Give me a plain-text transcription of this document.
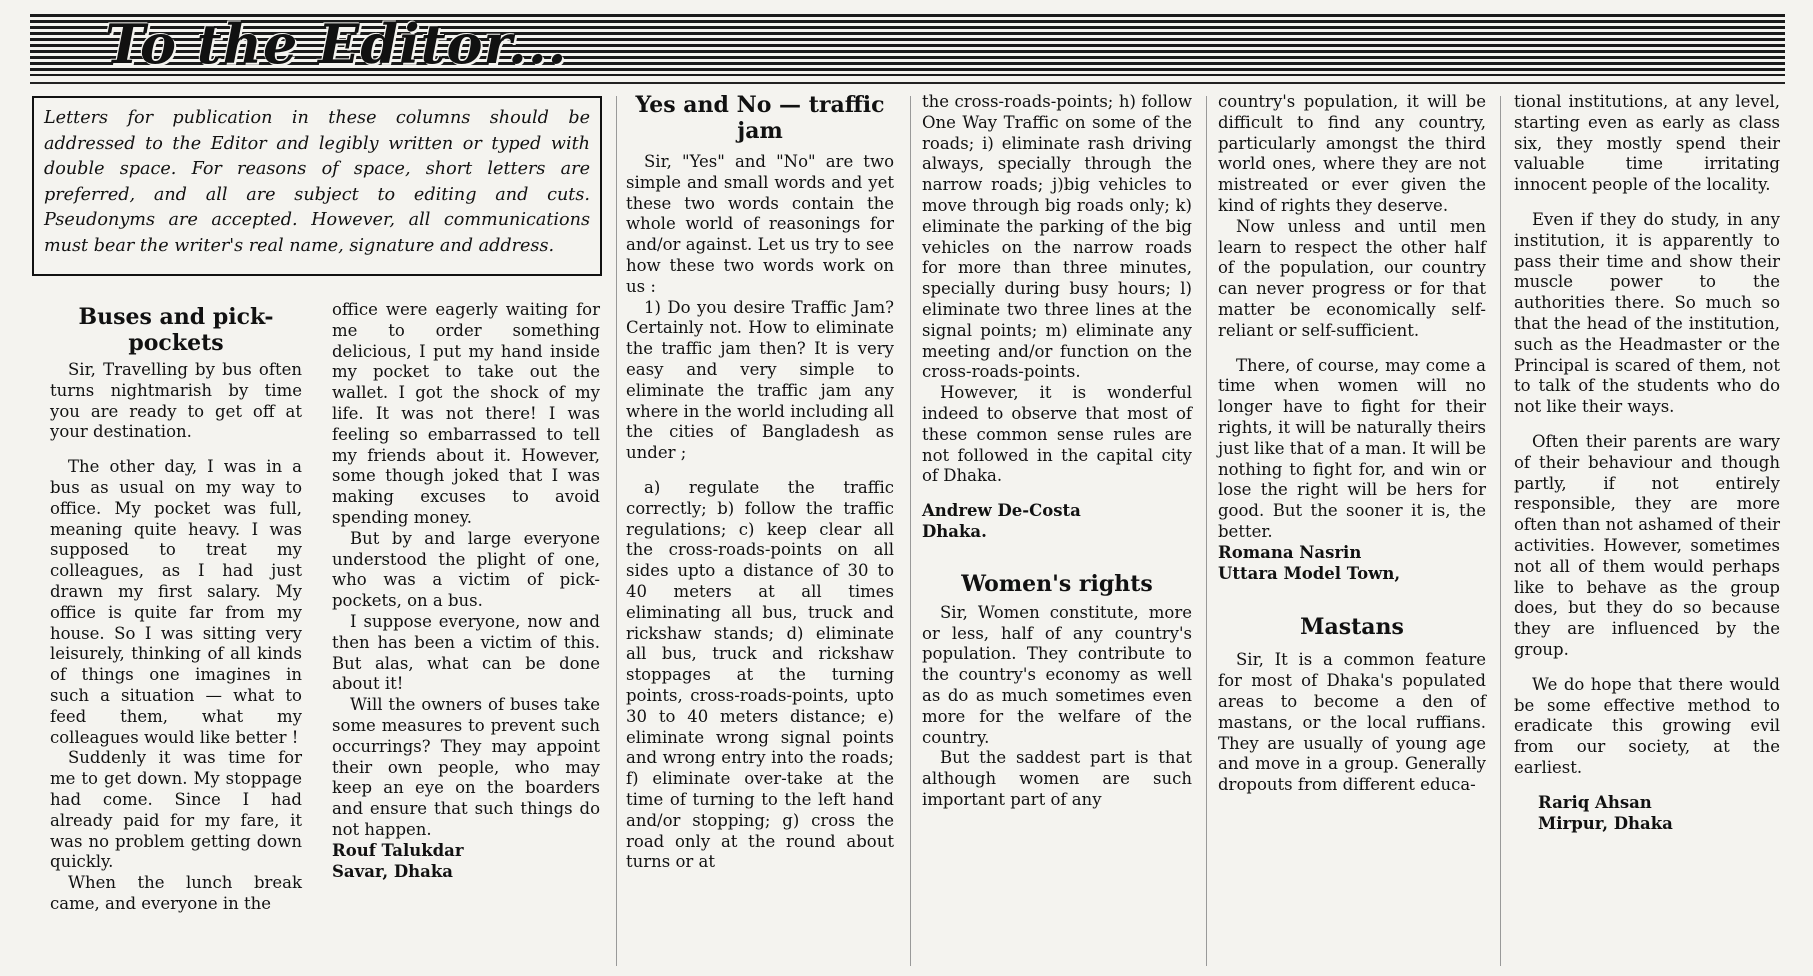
To the Editor...
Letters for publication in these columns should be addressed to the Editor and legibly written or typed with double space. For reasons of space, short letters are preferred, and all are subject to editing and cuts. Pseudonyms are accepted. However, all communications must bear the writer's real name, signature and address.
Buses and pick-pockets

Sir, Travelling by bus often turns nightmarish by time you are ready to get off at your destination.

The other day, I was in a bus as usual on my way to office. My pocket was full, meaning quite heavy. I was supposed to treat my colleagues, as I had just drawn my first salary. My office is quite far from my house. So I was sitting very leisurely, thinking of all kinds of things one imagines in such a situation — what to feed them, what my colleagues would like better !

Suddenly it was time for me to get down. My stoppage had come. Since I had already paid for my fare, it was no problem getting down quickly.

When the lunch break came, and everyone in the

office were eagerly waiting for me to order something delicious, I put my hand inside my pocket to take out the wallet. I got the shock of my life. It was not there! I was feeling so embarrassed to tell my friends about it. However, some though joked that I was making excuses to avoid spending money.

But by and large everyone understood the plight of one, who was a victim of pick-pockets, on a bus.

I suppose everyone, now and then has been a victim of this. But alas, what can be done about it!

Will the owners of buses take some measures to prevent such occurrings? They may appoint their own people, who may keep an eye on the boarders and ensure that such things do not happen.

Rouf Talukdar

Savar, Dhaka

Yes and No — traffic jam

Sir, "Yes" and "No" are two simple and small words and yet these two words contain the whole world of reasonings for and/or against. Let us try to see how these two words work on us :

1) Do you desire Traffic Jam? Certainly not. How to eliminate the traffic jam then? It is very easy and very simple to eliminate the traffic jam any where in the world including all the cities of Bangladesh as under ;

a) regulate the traffic correctly; b) follow the traffic regulations; c) keep clear all the cross-roads-points on all sides upto a distance of 30 to 40 meters at all times eliminating all bus, truck and rickshaw stands; d) eliminate all bus, truck and rickshaw stoppages at the turning points, cross-roads-points, upto 30 to 40 meters distance; e) eliminate wrong signal points and wrong entry into the roads; f) eliminate over-take at the time of turning to the left hand and/or stopping; g) cross the road only at the round about turns or at

the cross-roads-points; h) follow One Way Traffic on some of the roads; i) eliminate rash driving always, specially through the narrow roads; j)big vehicles to move through big roads only; k) eliminate the parking of the big vehicles on the narrow roads for more than three minutes, specially during busy hours; l) eliminate two three lines at the signal points; m) eliminate any meeting and/or function on the cross-roads-points.

However, it is wonderful indeed to observe that most of these common sense rules are not followed in the capital city of Dhaka.

Andrew De-Costa

Dhaka.

Women's rights

Sir, Women constitute, more or less, half of any country's population. They contribute to the country's economy as well as do as much sometimes even more for the welfare of the country.

But the saddest part is that although women are such important part of any

country's population, it will be difficult to find any country, particularly amongst the third world ones, where they are not mistreated or ever given the kind of rights they deserve.

Now unless and until men learn to respect the other half of the population, our country can never progress or for that matter be economically self-reliant or self-sufficient.

There, of course, may come a time when women will no longer have to fight for their rights, it will be naturally theirs just like that of a man. It will be nothing to fight for, and win or lose the right will be hers for good. But the sooner it is, the better.

Romana Nasrin

Uttara Model Town,

Mastans

Sir, It is a common feature for most of Dhaka's populated areas to become a den of mastans, or the local ruffians. They are usually of young age and move in a group. Generally dropouts from different educa-

tional institutions, at any level, starting even as early as class six, they mostly spend their valuable time irritating innocent people of the locality.

Even if they do study, in any institution, it is apparently to pass their time and show their muscle power to the authorities there. So much so that the head of the institution, such as the Headmaster or the Principal is scared of them, not to talk of the students who do not like their ways.

Often their parents are wary of their behaviour and though partly, if not entirely responsible, they are more often than not ashamed of their activities. However, sometimes not all of them would perhaps like to behave as the group does, but they do so because they are influenced by the group.

We do hope that there would be some effective method to eradicate this growing evil from our society, at the earliest.

Rariq Ahsan

Mirpur, Dhaka
